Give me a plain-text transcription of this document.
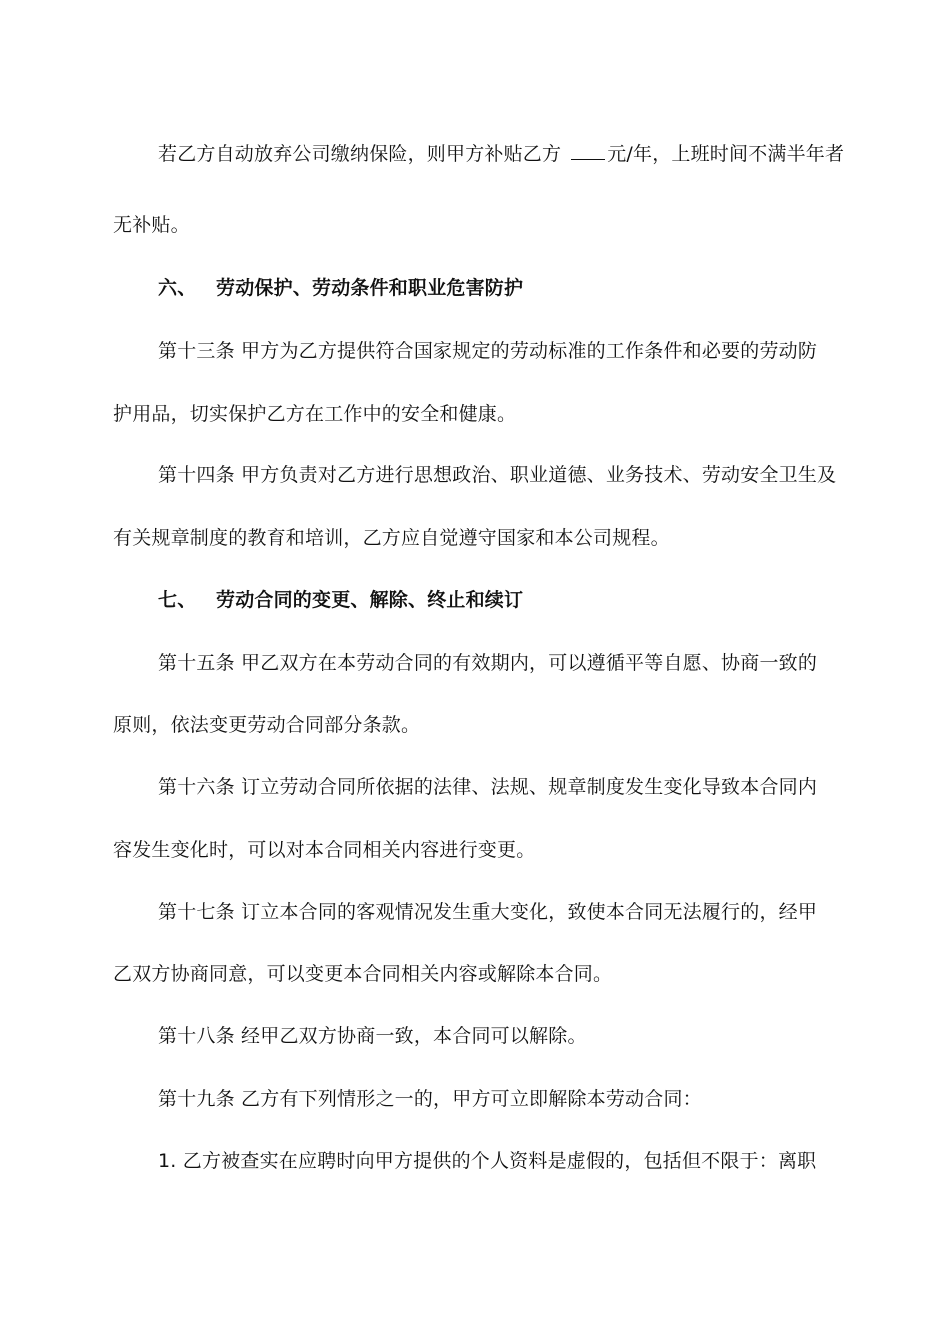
若乙方自动放弃公司缴纳保险，则甲方补贴乙方 元/年，上班时间不满半年者
无补贴。
六、 劳动保护、劳动条件和职业危害防护
第十三条 甲方为乙方提供符合国家规定的劳动标准的工作条件和必要的劳动防
护用品，切实保护乙方在工作中的安全和健康。
第十四条 甲方负责对乙方进行思想政治、职业道德、业务技术、劳动安全卫生及
有关规章制度的教育和培训，乙方应自觉遵守国家和本公司规程。
七、 劳动合同的变更、解除、终止和续订
第十五条 甲乙双方在本劳动合同的有效期内，可以遵循平等自愿、协商一致的
原则，依法变更劳动合同部分条款。
第十六条 订立劳动合同所依据的法律、法规、规章制度发生变化导致本合同内
容发生变化时，可以对本合同相关内容进行变更。
第十七条 订立本合同的客观情况发生重大变化，致使本合同无法履行的，经甲
乙双方协商同意，可以变更本合同相关内容或解除本合同。
第十八条 经甲乙双方协商一致，本合同可以解除。
第十九条 乙方有下列情形之一的，甲方可立即解除本劳动合同：
1. 乙方被查实在应聘时向甲方提供的个人资料是虚假的，包括但不限于：离职
